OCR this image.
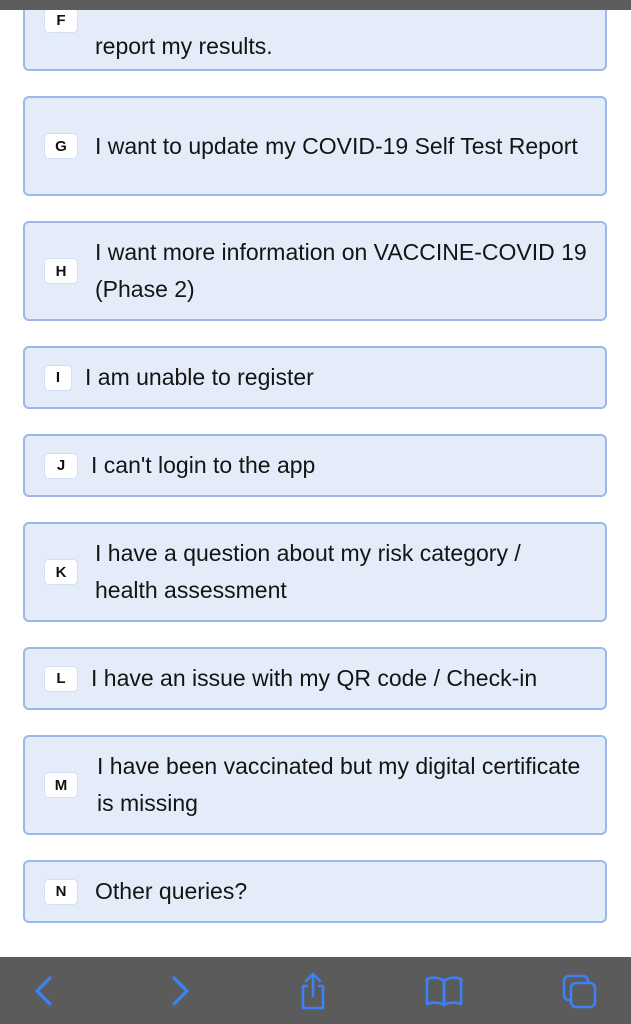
F
report my results.
G	I want to update my COVID-19 Self Test Report
H
I want more information on VACCINE-COVID 19 (Phase 2)
I	I am unable to register
J	I can't login to the app
K
I have a question about my risk category / health assessment
L	I have an issue with my QR code / Check-in
M
I have been vaccinated but my digital certificate is missing
N	Other queries?
